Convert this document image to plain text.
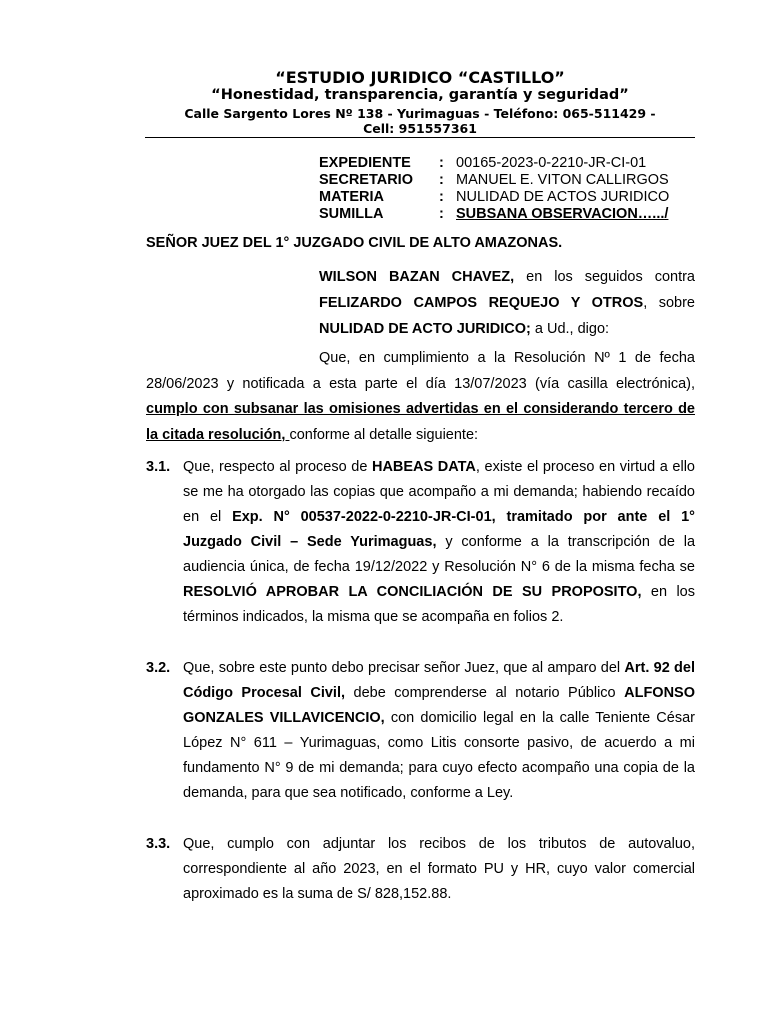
“ESTUDIO JURIDICO “CASTILLO”
“Honestidad, transparencia, garantía y seguridad”
Calle Sargento Lores Nº 138 - Yurimaguas - Teléfono: 065-511429 -
Cell: 951557361
EXPEDIENTE	: 00165-2023-0-2210-JR-CI-01
SECRETARIO	: MANUEL E. VITON CALLIRGOS
MATERIA	: NULIDAD DE ACTOS JURIDICO
SUMILLA	: SUBSANA OBSERVACION….../
SEÑOR JUEZ DEL 1° JUZGADO CIVIL DE ALTO AMAZONAS.
WILSON BAZAN CHAVEZ, en los seguidos contra FELIZARDO CAMPOS REQUEJO Y OTROS, sobre NULIDAD DE ACTO JURIDICO; a Ud., digo:
Que, en cumplimiento a la Resolución Nº 1 de fecha 28/06/2023 y notificada a esta parte el día 13/07/2023 (vía casilla electrónica), cumplo con subsanar las omisiones advertidas en el considerando tercero de la citada resolución, conforme al detalle siguiente:
3.1. Que, respecto al proceso de HABEAS DATA, existe el proceso en virtud a ello se me ha otorgado las copias que acompaño a mi demanda; habiendo recaído en el Exp. N° 00537-2022-0-2210-JR-CI-01, tramitado por ante el 1° Juzgado Civil – Sede Yurimaguas, y conforme a la transcripción de la audiencia única, de fecha 19/12/2022 y Resolución N° 6 de la misma fecha se RESOLVIÓ APROBAR LA CONCILIACIÓN DE SU PROPOSITO, en los términos indicados, la misma que se acompaña en folios 2.
3.2. Que, sobre este punto debo precisar señor Juez, que al amparo del Art. 92 del Código Procesal Civil, debe comprenderse al notario Público ALFONSO GONZALES VILLAVICENCIO, con domicilio legal en la calle Teniente César López N° 611 – Yurimaguas, como Litis consorte pasivo, de acuerdo a mi fundamento N° 9 de mi demanda; para cuyo efecto acompaño una copia de la demanda, para que sea notificado, conforme a Ley.
3.3. Que, cumplo con adjuntar los recibos de los tributos de autovaluo, correspondiente al año 2023, en el formato PU y HR, cuyo valor comercial aproximado es la suma de S/ 828,152.88.
